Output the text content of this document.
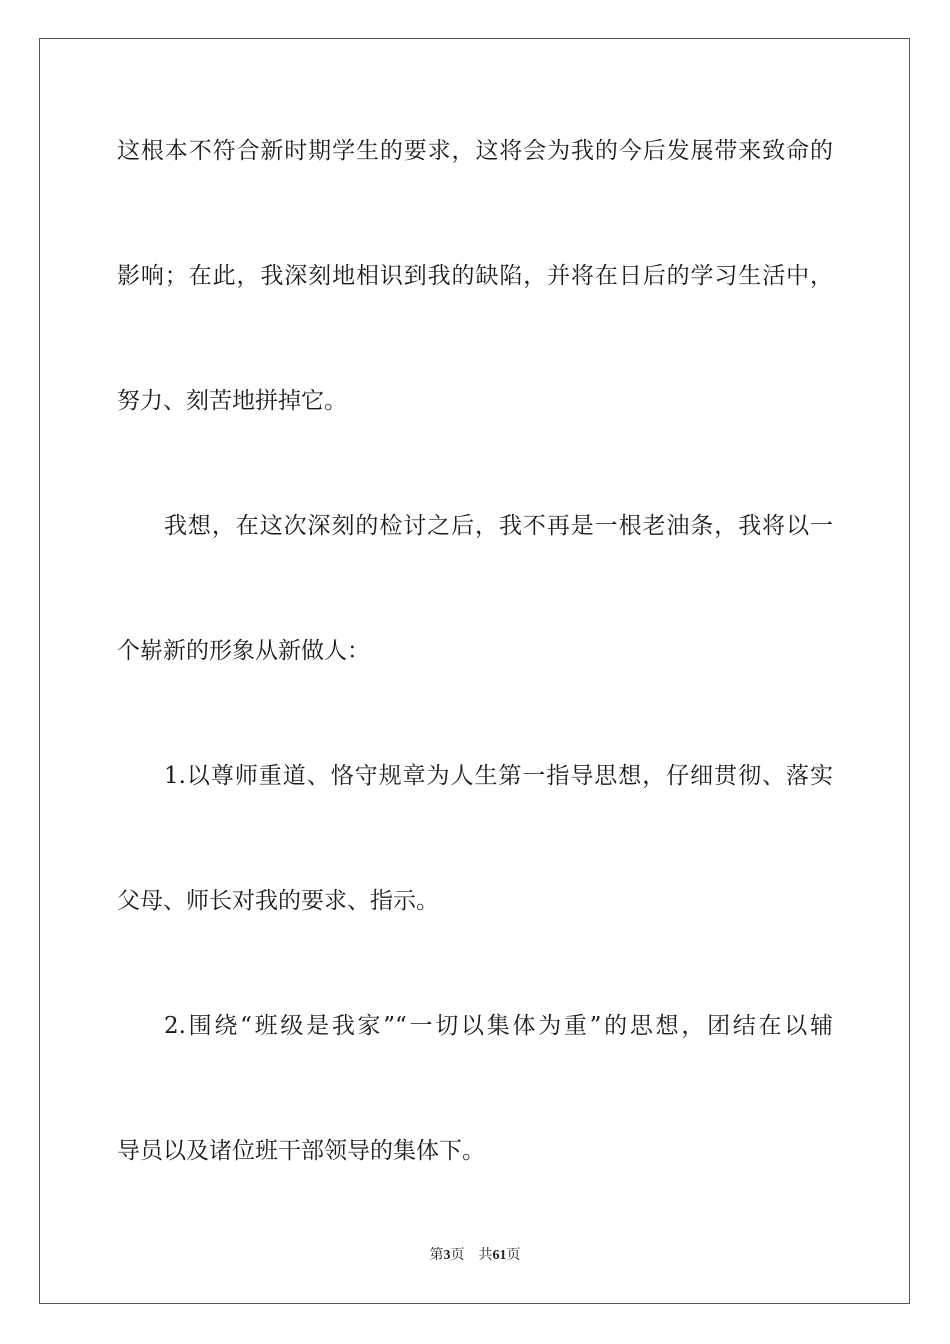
这根本不符合新时期学生的要求，这将会为我的今后发展带来致命的
影响；在此，我深刻地相识到我的缺陷，并将在日后的学习生活中，
努力、刻苦地拼掉它。
我想，在这次深刻的检讨之后，我不再是一根老油条，我将以一
个崭新的形象从新做人：
1.以尊师重道、恪守规章为人生第一指导思想，仔细贯彻、落实
父母、师长对我的要求、指示。
2.围绕“班级是我家”“一切以集体为重”的思想，团结在以辅
导员以及诸位班干部领导的集体下。
第3页 共61页
